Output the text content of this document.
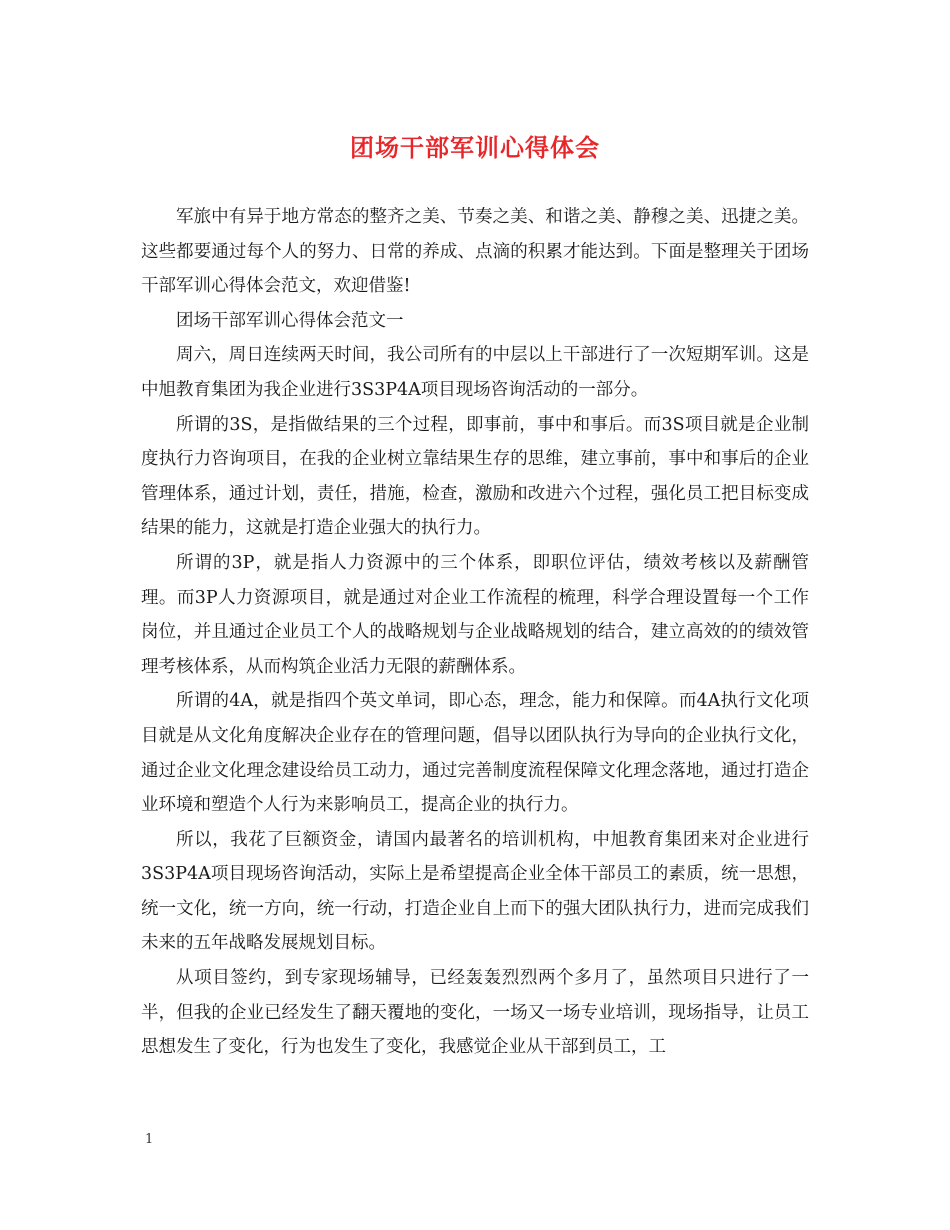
团场干部军训心得体会

军旅中有异于地方常态的整齐之美、节奏之美、和谐之美、静穆之美、迅捷之美。这些都要通过每个人的努力、日常的养成、点滴的积累才能达到。下面是整理关于团场干部军训心得体会范文，欢迎借鉴!

团场干部军训心得体会范文一

周六，周日连续两天时间，我公司所有的中层以上干部进行了一次短期军训。这是中旭教育集团为我企业进行3S3P4A项目现场咨询活动的一部分。

所谓的3S，是指做结果的三个过程，即事前，事中和事后。而3S项目就是企业制度执行力咨询项目，在我的企业树立靠结果生存的思维，建立事前，事中和事后的企业管理体系，通过计划，责任，措施，检查，激励和改进六个过程，强化员工把目标变成结果的能力，这就是打造企业强大的执行力。

所谓的3P，就是指人力资源中的三个体系，即职位评估，绩效考核以及薪酬管理。而3P人力资源项目，就是通过对企业工作流程的梳理，科学合理设置每一个工作岗位，并且通过企业员工个人的战略规划与企业战略规划的结合，建立高效的的绩效管理考核体系，从而构筑企业活力无限的薪酬体系。

所谓的4A，就是指四个英文单词，即心态，理念，能力和保障。而4A执行文化项目就是从文化角度解决企业存在的管理问题，倡导以团队执行为导向的企业执行文化，通过企业文化理念建设给员工动力，通过完善制度流程保障文化理念落地，通过打造企业环境和塑造个人行为来影响员工，提高企业的执行力。

所以，我花了巨额资金，请国内最著名的培训机构，中旭教育集团来对企业进行3S3P4A项目现场咨询活动，实际上是希望提高企业全体干部员工的素质，统一思想，统一文化，统一方向，统一行动，打造企业自上而下的强大团队执行力，进而完成我们未来的五年战略发展规划目标。

从项目签约，到专家现场辅导，已经轰轰烈烈两个多月了，虽然项目只进行了一半，但我的企业已经发生了翻天覆地的变化，一场又一场专业培训，现场指导，让员工思想发生了变化，行为也发生了变化，我感觉企业从干部到员工，工

1
